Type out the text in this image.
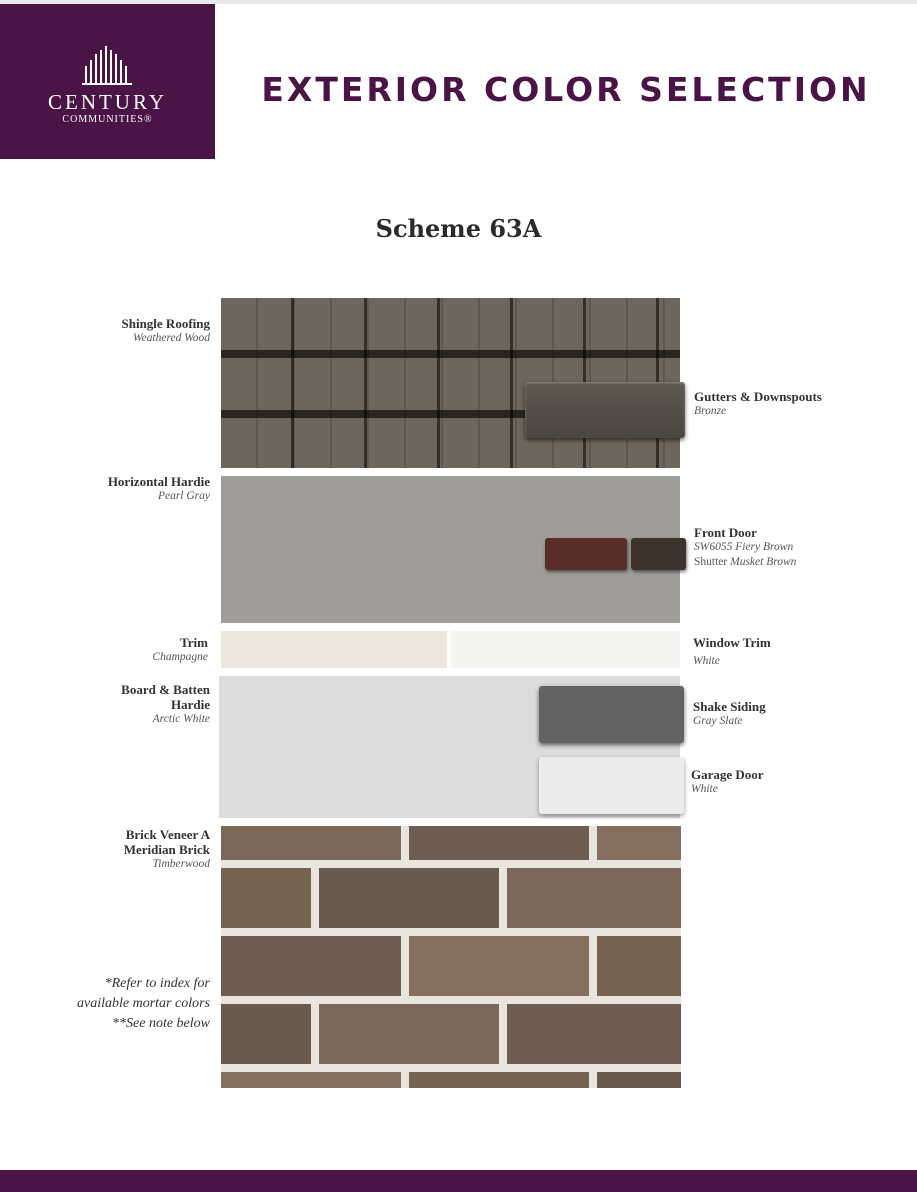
CENTURY
COMMUNITIES®
EXTERIOR COLOR SELECTION
Scheme 63A
Shingle Roofing
Weathered Wood
Horizontal Hardie
Pearl Gray
Trim
Champagne
Board & Batten
Hardie
Arctic White
Brick Veneer A
Meridian Brick
Timberwood
Gutters & Downspouts
Bronze
Front Door
SW6055 Fiery Brown
Shutter Musket Brown
Window Trim
White
Shake Siding
Gray Slate
Garage Door
White
*Refer to index for
available mortar colors
**See note below
